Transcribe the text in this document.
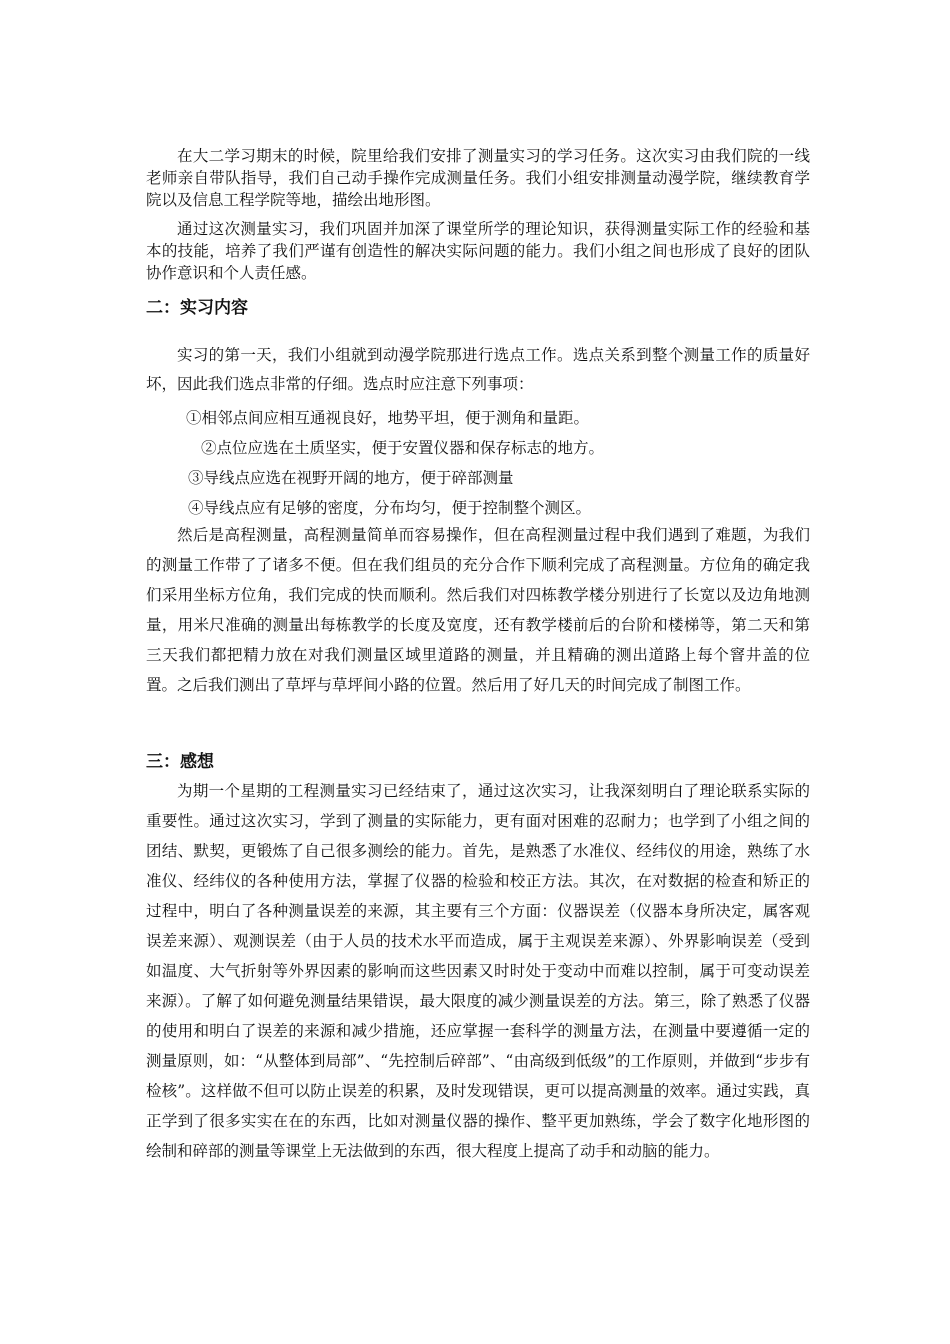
在大二学习期末的时候，院里给我们安排了测量实习的学习任务。这次实习由我们院的一线老师亲自带队指导，我们自己动手操作完成测量任务。我们小组安排测量动漫学院，继续教育学院以及信息工程学院等地，描绘出地形图。

通过这次测量实习，我们巩固并加深了课堂所学的理论知识，获得测量实际工作的经验和基本的技能，培养了我们严谨有创造性的解决实际问题的能力。我们小组之间也形成了良好的团队协作意识和个人责任感。

二：实习内容

实习的第一天，我们小组就到动漫学院那进行选点工作。选点关系到整个测量工作的质量好坏，因此我们选点非常的仔细。选点时应注意下列事项：

①相邻点间应相互通视良好，地势平坦，便于测角和量距。

②点位应选在土质坚实，便于安置仪器和保存标志的地方。

③导线点应选在视野开阔的地方，便于碎部测量

④导线点应有足够的密度，分布均匀，便于控制整个测区。

然后是高程测量，高程测量简单而容易操作，但在高程测量过程中我们遇到了难题，为我们的测量工作带了了诸多不便。但在我们组员的充分合作下顺利完成了高程测量。方位角的确定我们采用坐标方位角，我们完成的快而顺利。然后我们对四栋教学楼分别进行了长宽以及边角地测量，用米尺准确的测量出每栋教学的长度及宽度，还有教学楼前后的台阶和楼梯等，第二天和第三天我们都把精力放在对我们测量区域里道路的测量，并且精确的测出道路上每个窨井盖的位置。之后我们测出了草坪与草坪间小路的位置。然后用了好几天的时间完成了制图工作。

三：感想

为期一个星期的工程测量实习已经结束了，通过这次实习，让我深刻明白了理论联系实际的重要性。通过这次实习，学到了测量的实际能力，更有面对困难的忍耐力；也学到了小组之间的团结、默契，更锻炼了自己很多测绘的能力。首先，是熟悉了水准仪、经纬仪的用途，熟练了水准仪、经纬仪的各种使用方法，掌握了仪器的检验和校正方法。其次，在对数据的检查和矫正的过程中，明白了各种测量误差的来源，其主要有三个方面：仪器误差（仪器本身所决定，属客观误差来源）、观测误差（由于人员的技术水平而造成，属于主观误差来源）、外界影响误差（受到如温度、大气折射等外界因素的影响而这些因素又时时处于变动中而难以控制，属于可变动误差来源）。了解了如何避免测量结果错误，最大限度的减少测量误差的方法。第三，除了熟悉了仪器的使用和明白了误差的来源和减少措施，还应掌握一套科学的测量方法，在测量中要遵循一定的测量原则，如：“从整体到局部”、“先控制后碎部”、“由高级到低级”的工作原则，并做到“步步有检核”。这样做不但可以防止误差的积累，及时发现错误，更可以提高测量的效率。通过实践，真正学到了很多实实在在的东西，比如对测量仪器的操作、整平更加熟练，学会了数字化地形图的绘制和碎部的测量等课堂上无法做到的东西，很大程度上提高了动手和动脑的能力。
